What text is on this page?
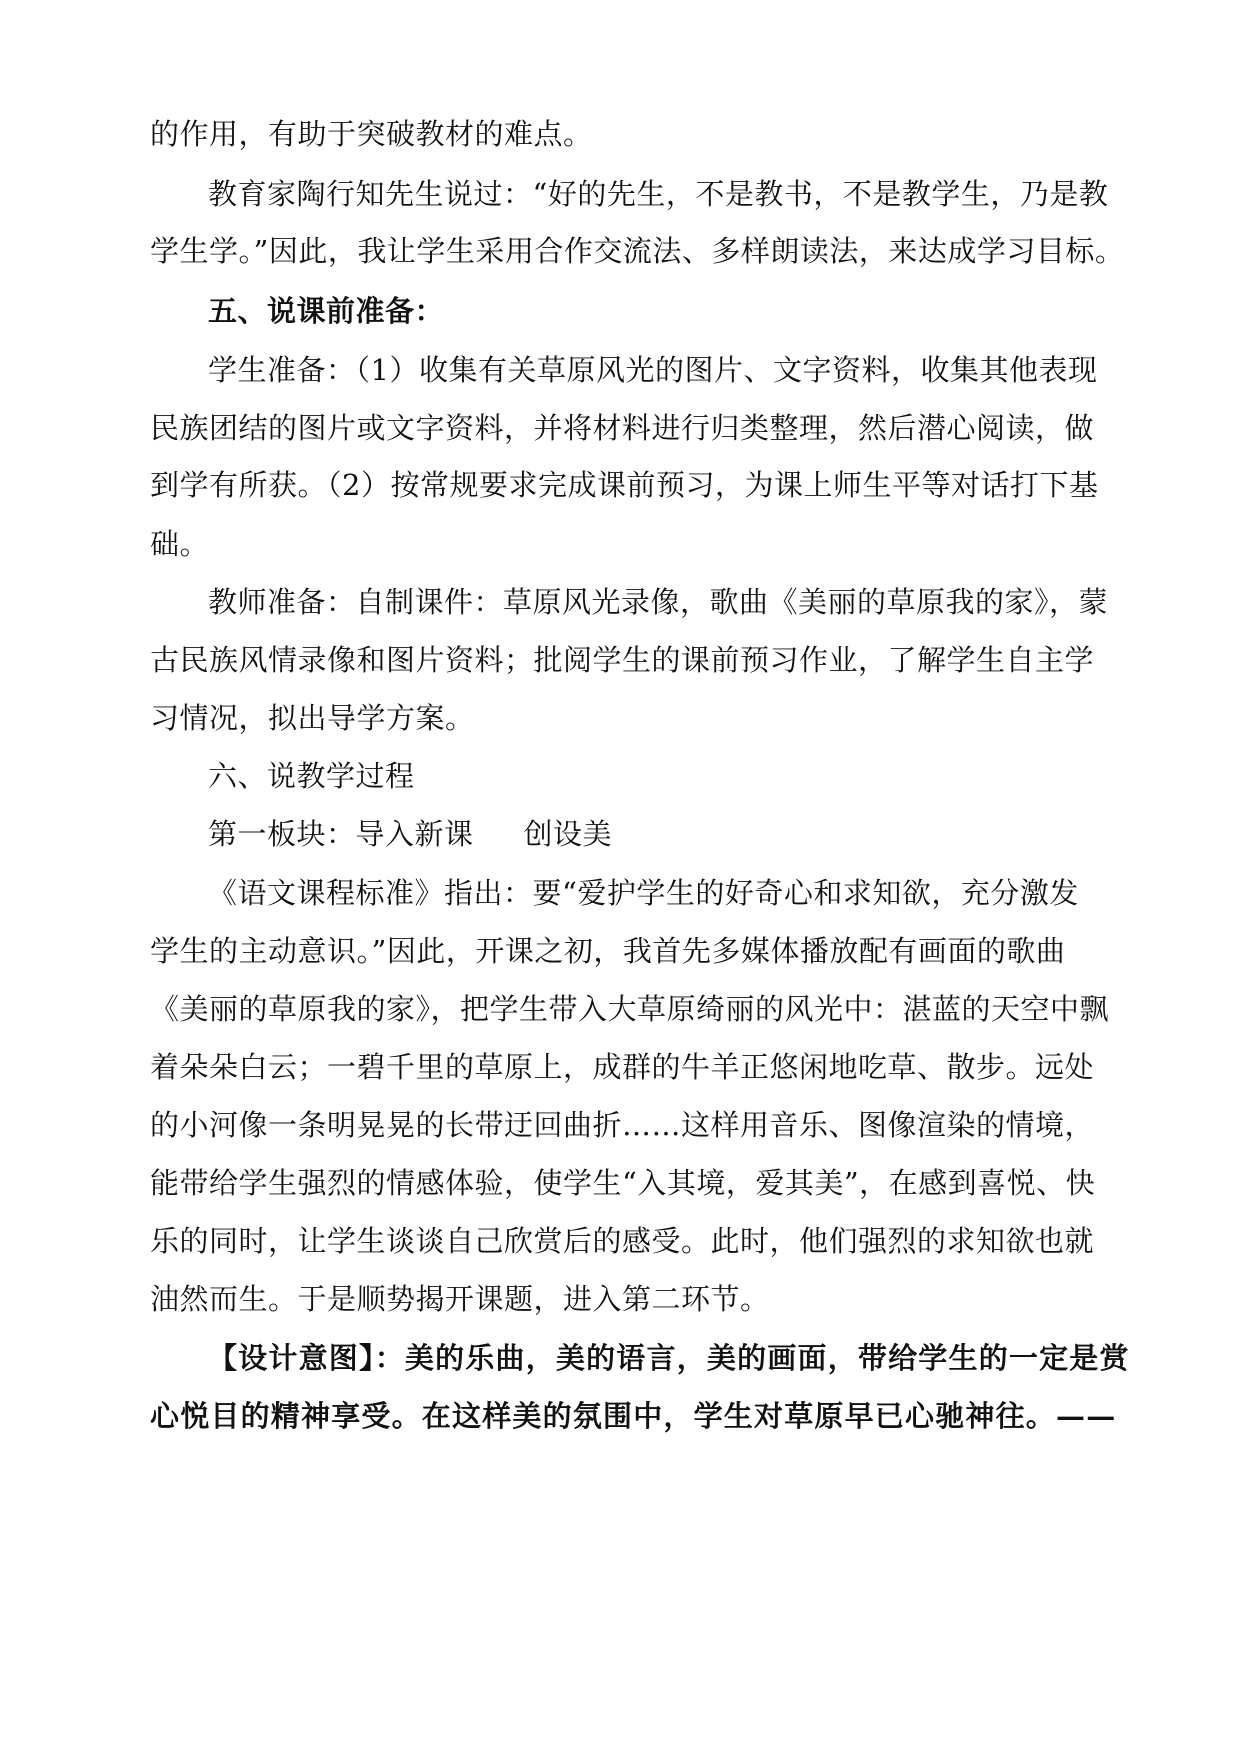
的作用，有助于突破教材的难点。
教育家陶行知先生说过：“好的先生，不是教书，不是教学生，乃是教
学生学。”因此，我让学生采用合作交流法、多样朗读法，来达成学习目标。
五、说课前准备：
学生准备：（1）收集有关草原风光的图片、文字资料，收集其他表现
民族团结的图片或文字资料，并将材料进行归类整理，然后潜心阅读，做
到学有所获。（2）按常规要求完成课前预习，为课上师生平等对话打下基
础。
教师准备：自制课件：草原风光录像，歌曲《美丽的草原我的家》，蒙
古民族风情录像和图片资料；批阅学生的课前预习作业，了解学生自主学
习情况，拟出导学方案。
六、说教学过程
第一板块：导入新课 创设美
《语文课程标准》指出：要“爱护学生的好奇心和求知欲，充分激发
学生的主动意识。”因此，开课之初，我首先多媒体播放配有画面的歌曲
《美丽的草原我的家》，把学生带入大草原绮丽的风光中：湛蓝的天空中飘
着朵朵白云；一碧千里的草原上，成群的牛羊正悠闲地吃草、散步。远处
的小河像一条明晃晃的长带迂回曲折……这样用音乐、图像渲染的情境，
能带给学生强烈的情感体验，使学生“入其境，爱其美”，在感到喜悦、快
乐的同时，让学生谈谈自己欣赏后的感受。此时，他们强烈的求知欲也就
油然而生。于是顺势揭开课题，进入第二环节。
【设计意图】：美的乐曲，美的语言，美的画面，带给学生的一定是赏
心悦目的精神享受。在这样美的氛围中，学生对草原早已心驰神往。——
